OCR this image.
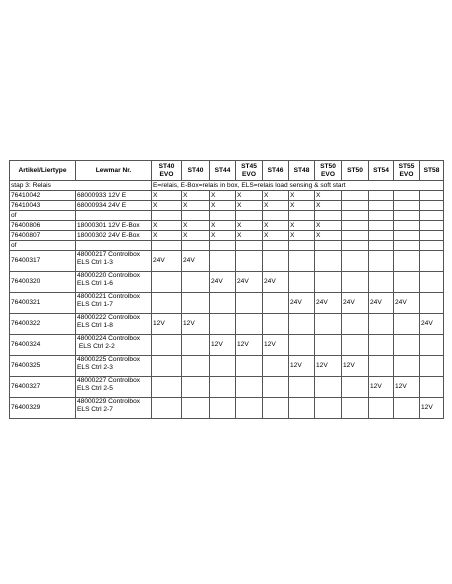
Artikel/Liertype	Lewmar Nr.	ST40 EVO	ST40	ST44	ST45 EVO	ST46	ST48	ST50 EVO	ST50	ST54	ST55 EVO	ST58
stap 3: Relais		E=relais, E-Box=relais in box, ELS=relais load sensing & soft start										
76410042	68000933 12V E	X	X	X	X	X	X	X				
76410043	68000934 24V E	X	X	X	X	X	X	X				
of												
76400806	18000301 12V E-Box	X	X	X	X	X	X	X				
76400807	18000302 24V E-Box	X	X	X	X	X	X	X				
of												
76400317	48000217 Controlbox
ELS Ctrl 1-3	24V	24V									
76400320	48000220 Controlbox
ELS Ctrl 1-6			24V	24V	24V						
76400321	48000221 Controlbox
ELS Ctrl 1-7						24V	24V	24V	24V	24V	
76400322	48000222 Controlbox
ELS Ctrl 1-8	12V	12V									24V
76400324	48000224 Controlbox
ELS Ctrl 2-2			12V	12V	12V						
76400325	48000225 Controlbox
ELS Ctrl 2-3						12V	12V	12V			
76400327	48000227 Controlbox
ELS Ctrl 2-5									12V	12V	
76400329	48000229 Controlbox
ELS Ctrl 2-7											12V
